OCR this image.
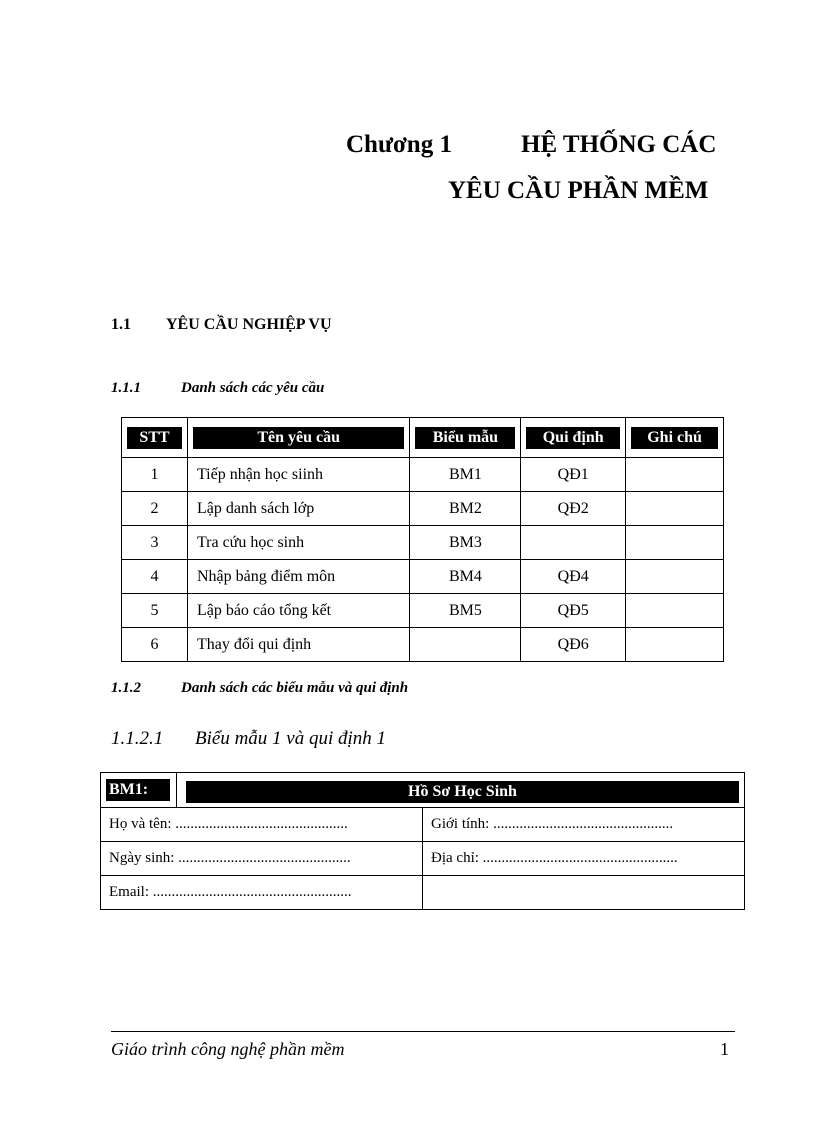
Chương 1	HỆ THỐNG CÁC
YÊU CẦU PHẦN MỀM
1.1 YÊU CẦU NGHIỆP VỤ
1.1.1	Danh sách các yêu cầu
STT	Tên yêu cầu	Biểu mẫu	Qui định	Ghi chú

1	Tiếp nhận học siinh	BM1	QĐ1	
2	Lập danh sách lớp	BM2	QĐ2	
3	Tra cứu học sinh	BM3		
4	Nhập bảng điểm môn	BM4	QĐ4	
5	Lập báo cáo tổng kết	BM5	QĐ5	
6	Thay đổi qui định		QĐ6	
1.1.2	Danh sách các biểu mẫu và qui định
1.1.2.1 Biểu mẫu 1 và qui định 1
BM1:	Hồ Sơ Học Sinh
Họ và tên: ..............................................	Giới tính: ................................................
Ngày sinh: ..............................................	Địa chỉ: ....................................................
Email: .....................................................
Giáo trình công nghệ phần mềm	1
